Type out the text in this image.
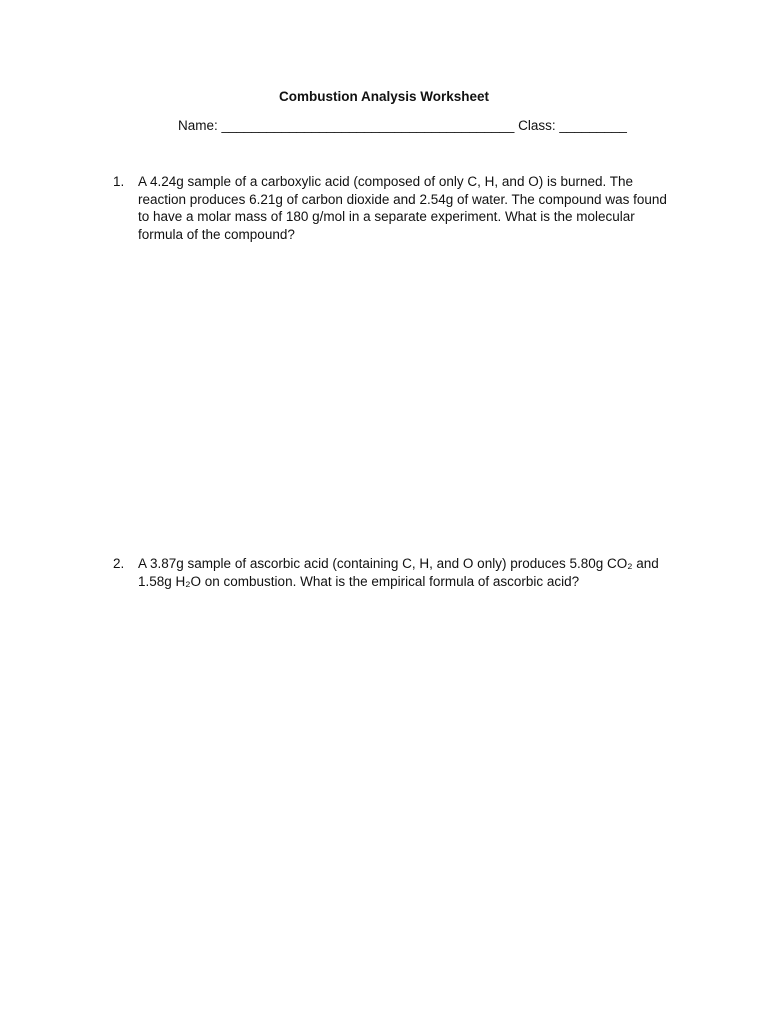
Combustion Analysis Worksheet
Name: _______________________________________ Class: _________
1.	A 4.24g sample of a carboxylic acid (composed of only C, H, and O) is burned. The reaction produces 6.21g of carbon dioxide and 2.54g of water. The compound was found to have a molar mass of 180 g/mol in a separate experiment. What is the molecular formula of the compound?
2.	A 3.87g sample of ascorbic acid (containing C, H, and O only) produces 5.80g CO₂ and 1.58g H₂O on combustion. What is the empirical formula of ascorbic acid?
